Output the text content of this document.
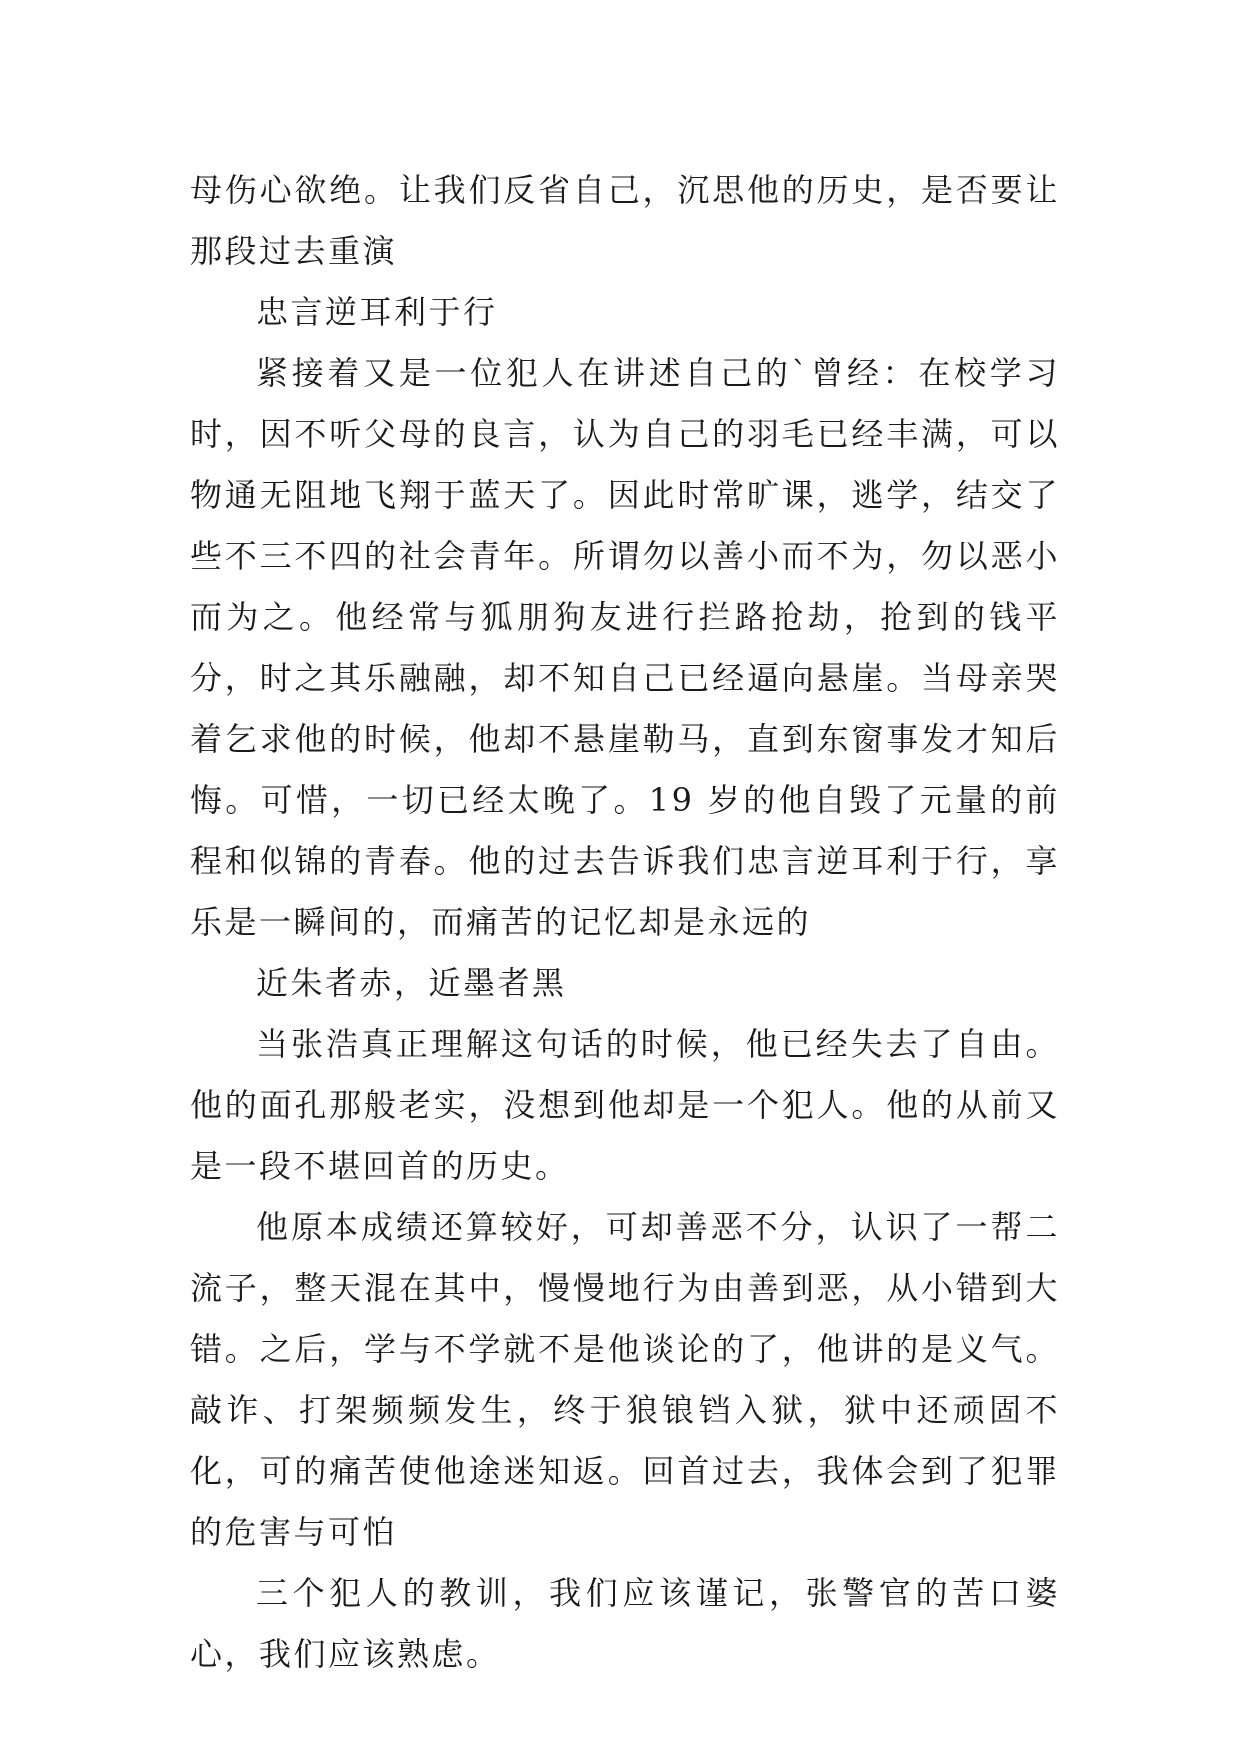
母伤心欲绝。让我们反省自己，沉思他的历史，是否要让那段过去重演

忠言逆耳利于行

紧接着又是一位犯人在讲述自己的`曾经：在校学习时，因不听父母的良言，认为自己的羽毛已经丰满，可以物通无阻地飞翔于蓝天了。因此时常旷课，逃学，结交了些不三不四的社会青年。所谓勿以善小而不为，勿以恶小而为之。他经常与狐朋狗友进行拦路抢劫，抢到的钱平分，时之其乐融融，却不知自己已经逼向悬崖。当母亲哭着乞求他的时候，他却不悬崖勒马，直到东窗事发才知后悔。可惜，一切已经太晚了。19 岁的他自毁了元量的前程和似锦的青春。他的过去告诉我们忠言逆耳利于行，享乐是一瞬间的，而痛苦的记忆却是永远的

近朱者赤，近墨者黑

当张浩真正理解这句话的时候，他已经失去了自由。他的面孔那般老实，没想到他却是一个犯人。他的从前又是一段不堪回首的历史。

他原本成绩还算较好，可却善恶不分，认识了一帮二流子，整天混在其中，慢慢地行为由善到恶，从小错到大错。之后，学与不学就不是他谈论的了，他讲的是义气。敲诈、打架频频发生，终于狼锒铛入狱，狱中还顽固不化，可的痛苦使他途迷知返。回首过去，我体会到了犯罪的危害与可怕

三个犯人的教训，我们应该谨记，张警官的苦口婆心，我们应该熟虑。
